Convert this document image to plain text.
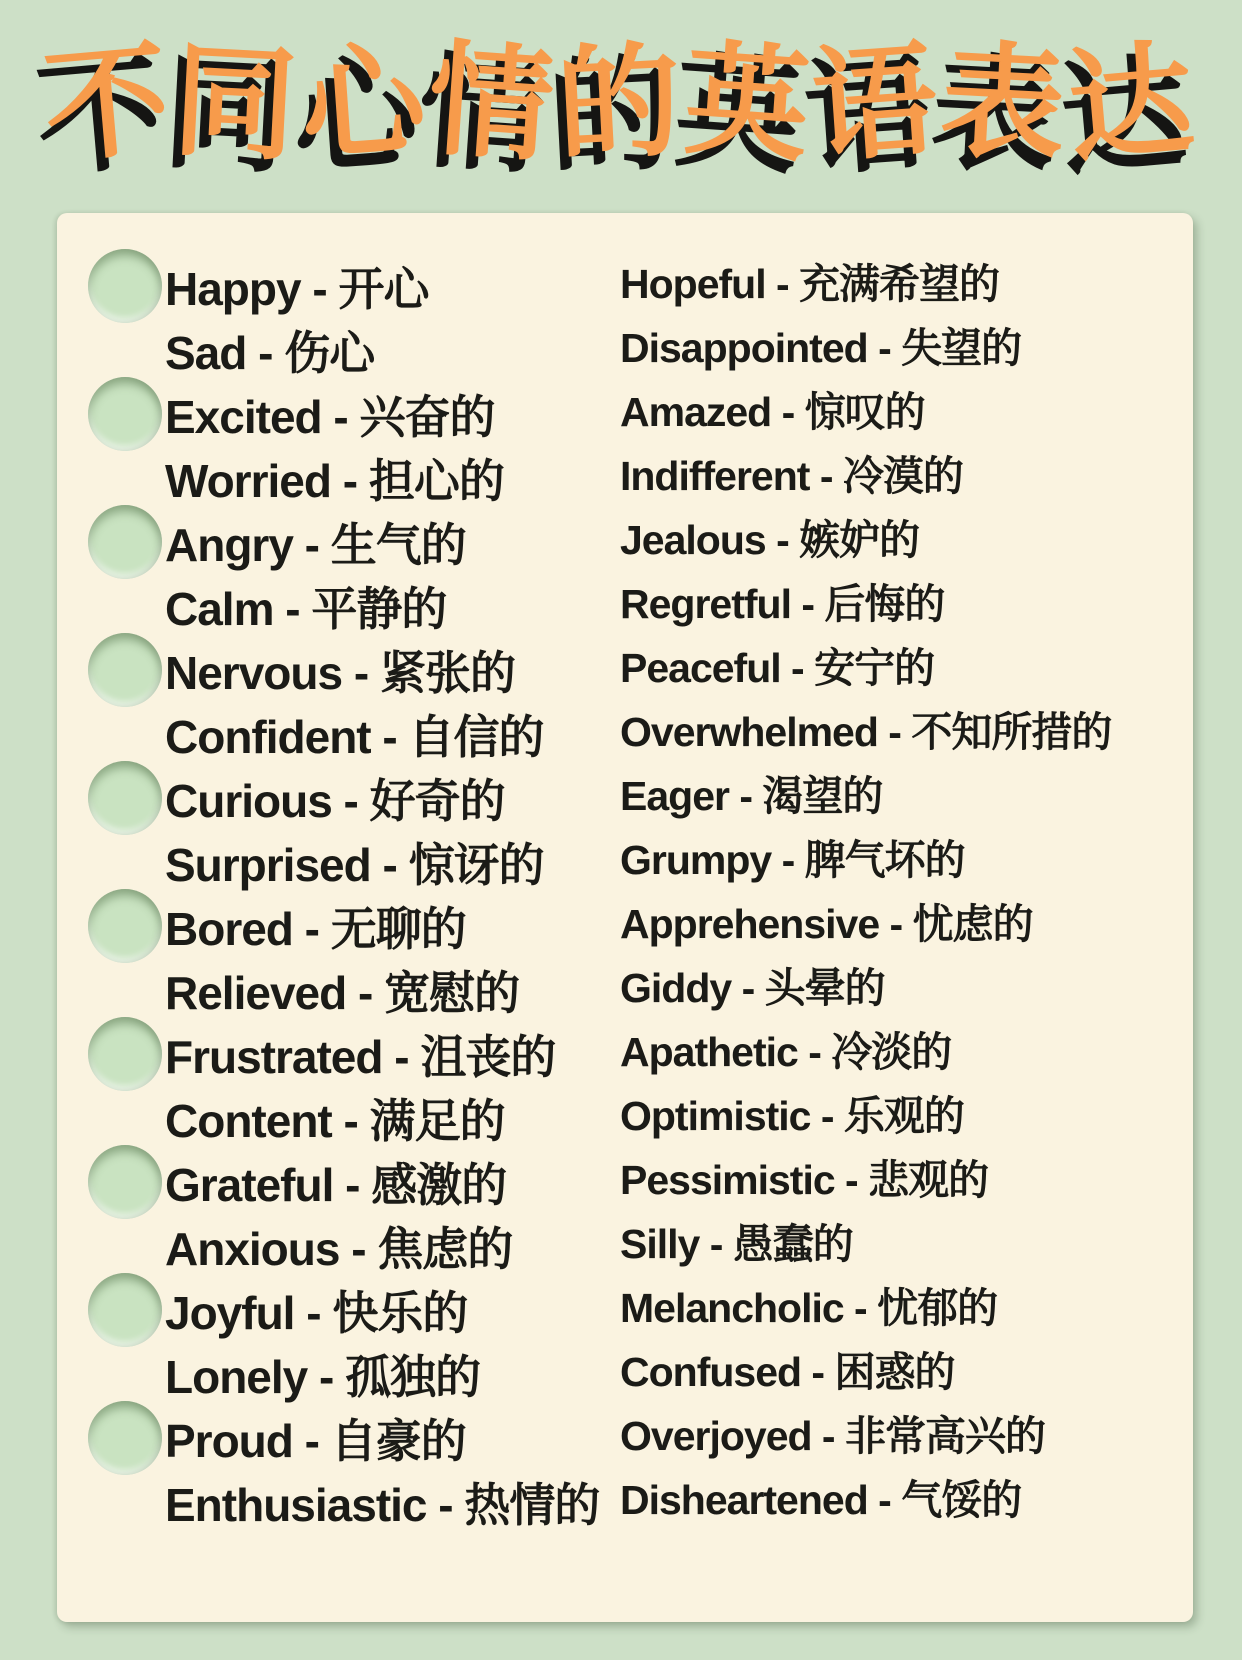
不同心情的英语表达
Happy - 开心
Sad - 伤心
Excited - 兴奋的
Worried - 担心的
Angry - 生气的
Calm - 平静的
Nervous - 紧张的
Confident - 自信的
Curious - 好奇的
Surprised - 惊讶的
Bored - 无聊的
Relieved - 宽慰的
Frustrated - 沮丧的
Content - 满足的
Grateful - 感激的
Anxious - 焦虑的
Joyful - 快乐的
Lonely - 孤独的
Proud - 自豪的
Enthusiastic - 热情的
Hopeful - 充满希望的
Disappointed - 失望的
Amazed - 惊叹的
Indifferent - 冷漠的
Jealous - 嫉妒的
Regretful - 后悔的
Peaceful - 安宁的
Overwhelmed - 不知所措的
Eager - 渴望的
Grumpy - 脾气坏的
Apprehensive - 忧虑的
Giddy - 头晕的
Apathetic - 冷淡的
Optimistic - 乐观的
Pessimistic - 悲观的
Silly - 愚蠢的
Melancholic - 忧郁的
Confused - 困惑的
Overjoyed - 非常高兴的
Disheartened - 气馁的
